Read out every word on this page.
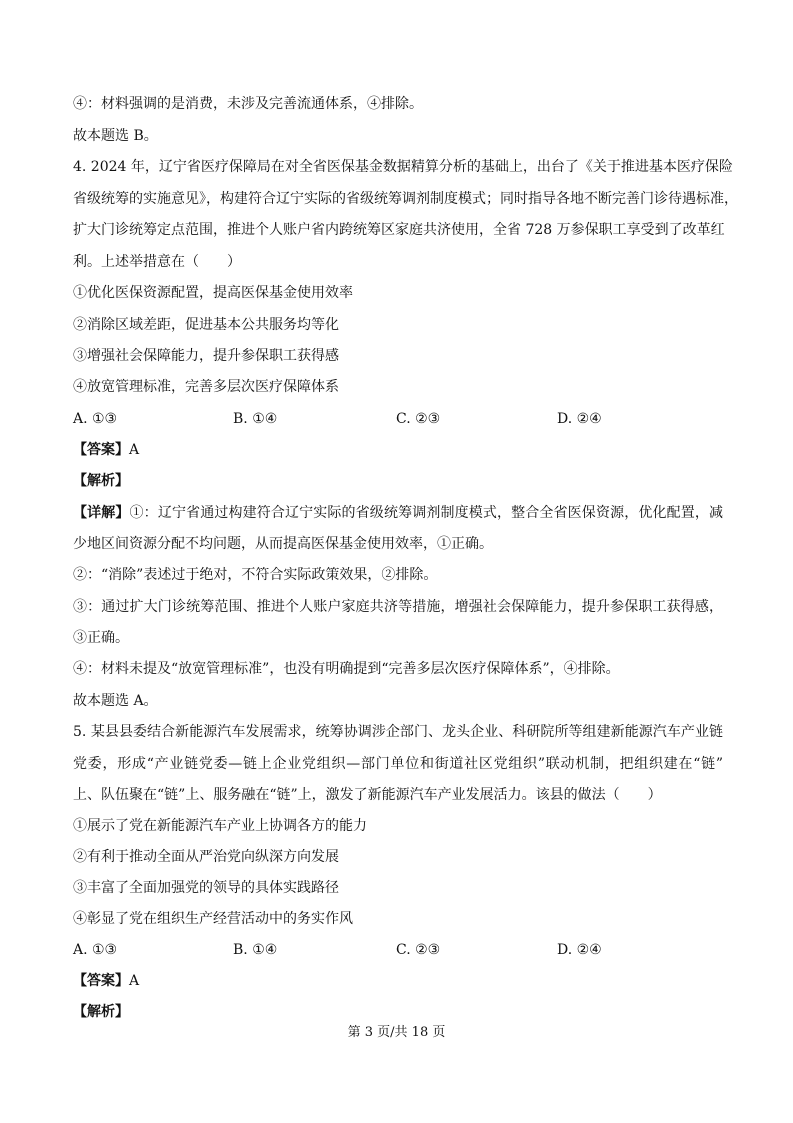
④：材料强调的是消费，未涉及完善流通体系，④排除。
故本题选 B。
4. 2024 年，辽宁省医疗保障局在对全省医保基金数据精算分析的基础上，出台了《关于推进基本医疗保险
省级统筹的实施意见》，构建符合辽宁实际的省级统筹调剂制度模式；同时指导各地不断完善门诊待遇标准，
扩大门诊统筹定点范围，推进个人账户省内跨统筹区家庭共济使用，全省 728 万参保职工享受到了改革红
利。上述举措意在（　　）
①优化医保资源配置，提高医保基金使用效率
②消除区域差距，促进基本公共服务均等化
③增强社会保障能力，提升参保职工获得感
④放宽管理标准，完善多层次医疗保障体系
A. ①③	B. ①④	C. ②③	D. ②④
【答案】A
【解析】
【详解】①：辽宁省通过构建符合辽宁实际的省级统筹调剂制度模式，整合全省医保资源，优化配置，减
少地区间资源分配不均问题，从而提高医保基金使用效率，①正确。
②：“消除”表述过于绝对，不符合实际政策效果，②排除。
③：通过扩大门诊统筹范围、推进个人账户家庭共济等措施，增强社会保障能力，提升参保职工获得感，
③正确。
④：材料未提及“放宽管理标准”，也没有明确提到“完善多层次医疗保障体系”，④排除。
故本题选 A。
5. 某县县委结合新能源汽车发展需求，统筹协调涉企部门、龙头企业、科研院所等组建新能源汽车产业链
党委，形成“产业链党委—链上企业党组织—部门单位和街道社区党组织”联动机制，把组织建在“链”
上、队伍聚在“链”上、服务融在“链”上，激发了新能源汽车产业发展活力。该县的做法（　　）
①展示了党在新能源汽车产业上协调各方的能力
②有利于推动全面从严治党向纵深方向发展
③丰富了全面加强党的领导的具体实践路径
④彰显了党在组织生产经营活动中的务实作风
A. ①③	B. ①④	C. ②③	D. ②④
【答案】A
【解析】
第 3 页/共 18 页
